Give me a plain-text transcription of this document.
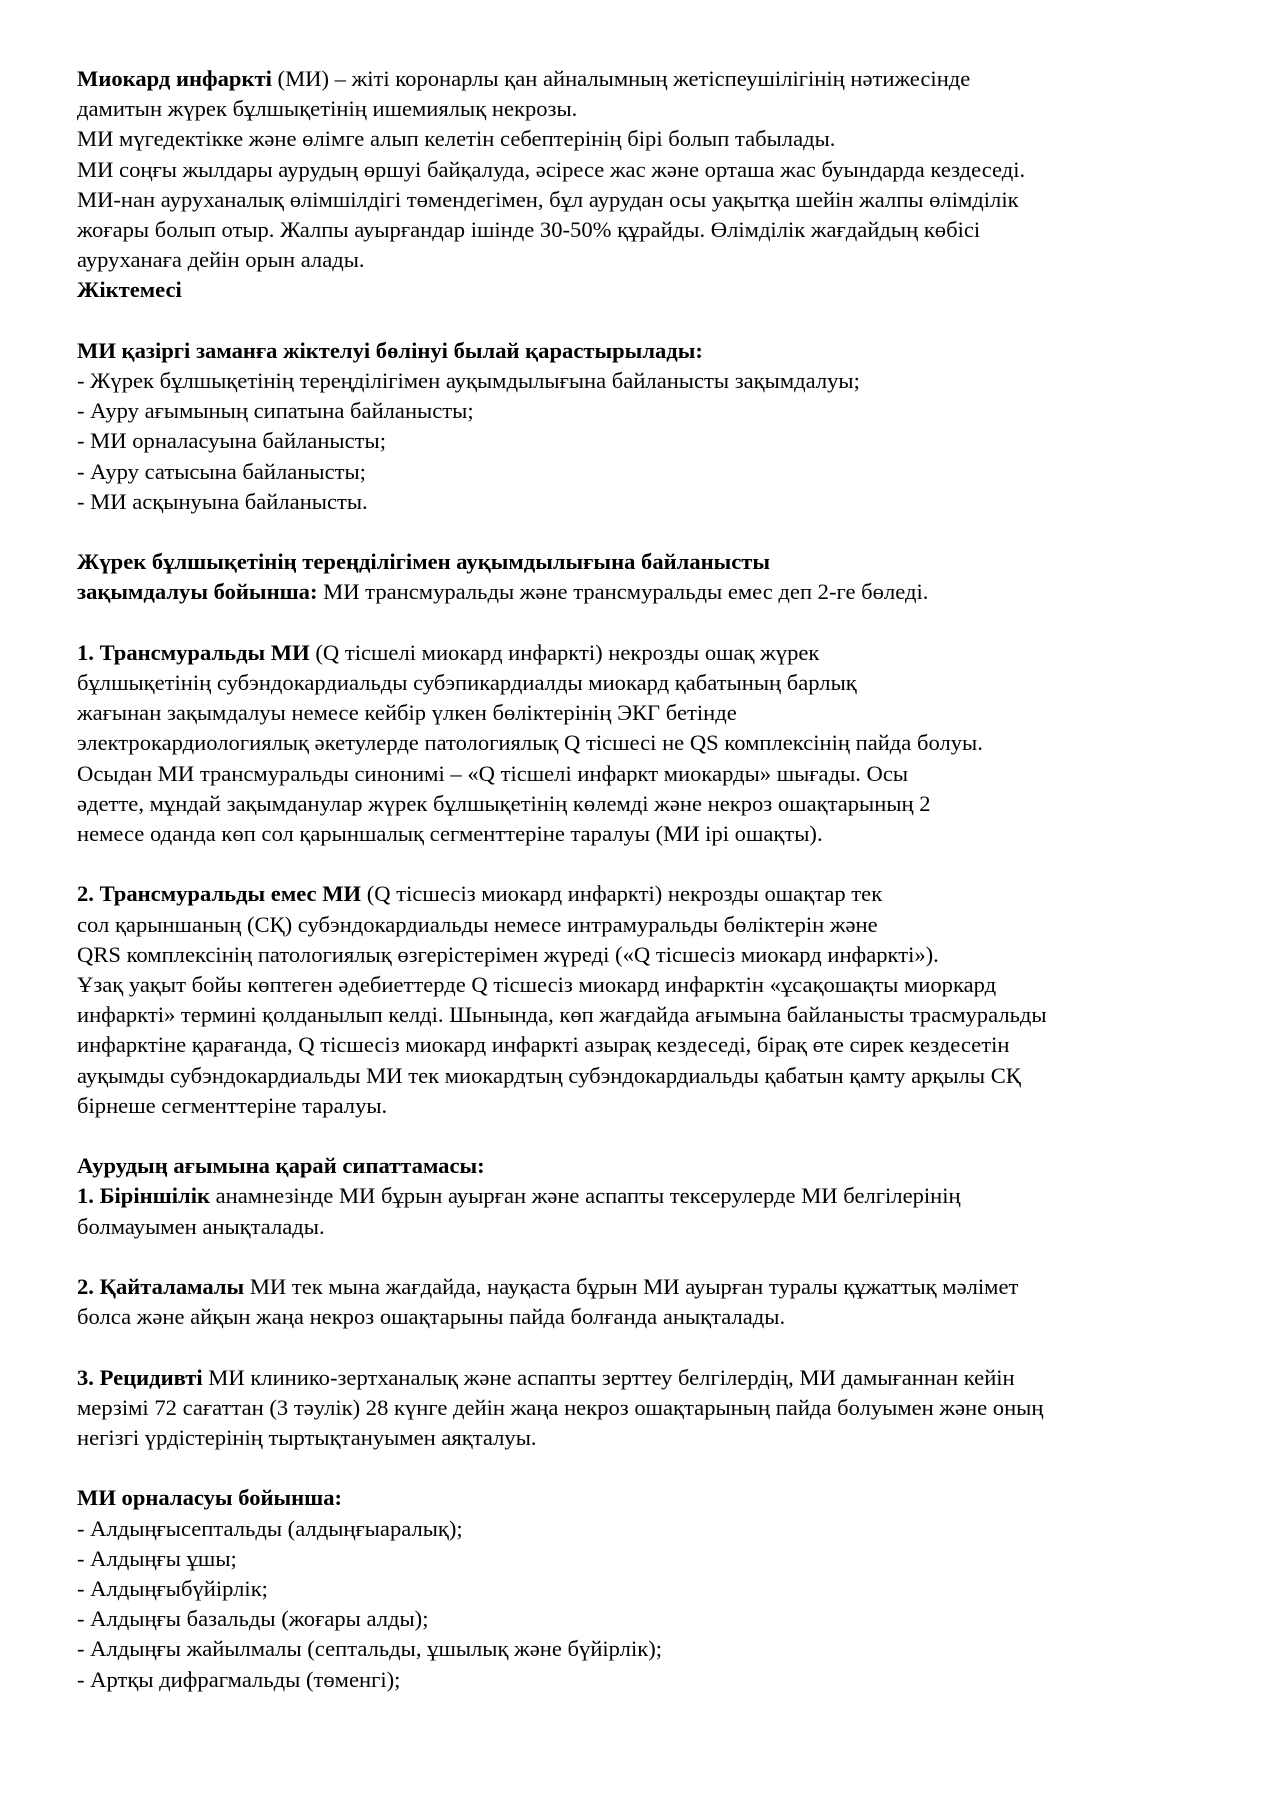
Миокард инфаркті (МИ) – жіті коронарлы қан айналымның жетіспеушілігінің нәтижесінде
дамитын жүрек бұлшықетінің ишемиялық некрозы.
МИ мүгедектікке және өлімге алып келетін себептерінің бірі болып табылады.
МИ соңғы жылдары аурудың өршуі байқалуда, әсіресе жас және орташа жас буындарда кездеседі.
МИ-нан ауруханалық өлімшілдігі төмендегімен, бұл аурудан осы уақытқа шейін жалпы өлімділік
жоғары болып отыр. Жалпы ауырғандар ішінде 30-50% құрайды. Өлімділік жағдайдың көбісі
ауруханаға дейін орын алады.
Жіктемесі
МИ қазіргі заманға жіктелуі бөлінуі былай қарастырылады:
- Жүрек бұлшықетінің тереңділігімен ауқымдылығына байланысты зақымдалуы;
- Ауру ағымының сипатына байланысты;
- МИ орналасуына байланысты;
- Ауру сатысына байланысты;
- МИ асқынуына байланысты.
Жүрек бұлшықетінің тереңділігімен ауқымдылығына байланысты
зақымдалуы бойынша: МИ трансмуральды және трансмуральды емес деп 2-ге бөледі.
1. Трансмуральды МИ (Q тісшелі миокард инфаркті) некрозды ошақ жүрек
бұлшықетінің субэндокардиальды субэпикардиалды миокард қабатының барлық
жағынан зақымдалуы немесе кейбір үлкен бөліктерінің ЭКГ бетінде
электрокардиологиялық әкетулерде патологиялық Q тісшесі не QS комплексінің пайда болуы.
Осыдан МИ трансмуральды синонимі – «Q тісшелі инфаркт миокарды» шығады. Осы
әдетте, мұндай зақымданулар жүрек бұлшықетінің көлемді және некроз ошақтарының 2
немесе оданда көп сол қарыншалық сегменттеріне таралуы (МИ ірі ошақты).
2. Трансмуральды емес МИ (Q тісшесіз миокард инфаркті) некрозды ошақтар тек
сол қарыншаның (СҚ) субэндокардиальды немесе интрамуральды бөліктерін және
QRS комплексінің патологиялық өзгерістерімен жүреді («Q тісшесіз миокард инфаркті»).
Ұзақ уақыт бойы көптеген әдебиеттерде Q тісшесіз миокард инфарктін «ұсақошақты миоркард
инфаркті» термині қолданылып келді. Шынында, көп жағдайда ағымына байланысты трасмуральды
инфарктіне қарағанда, Q тісшесіз миокард инфаркті азырақ кездеседі, бірақ өте сирек кездесетін
ауқымды субэндокардиальды МИ тек миокардтың субэндокардиальды қабатын қамту арқылы СҚ
бірнеше сегменттеріне таралуы.
Аурудың ағымына қарай сипаттамасы:
1. Біріншілік анамнезінде МИ бұрын ауырған және аспапты тексерулерде МИ белгілерінің
болмауымен анықталады.
2. Қайталамалы МИ тек мына жағдайда, науқаста бұрын МИ ауырған туралы құжаттық мәлімет
болса және айқын жаңа некроз ошақтарыны пайда болғанда анықталады.
3. Рецидивті МИ клинико-зертханалық және аспапты зерттеу белгілердің, МИ дамығаннан кейін
мерзімі 72 сағаттан (3 тәулік) 28 күнге дейін жаңа некроз ошақтарының пайда болуымен және оның
негізгі үрдістерінің тыртықтануымен аяқталуы.
МИ орналасуы бойынша:
- Алдыңғысептальды (алдыңғыаралық);
- Алдыңғы ұшы;
- Алдыңғыбүйірлік;
- Алдыңғы базальды (жоғары алды);
- Алдыңғы жайылмалы (септальды, ұшылық және бүйірлік);
- Артқы дифрагмальды (төменгі);
